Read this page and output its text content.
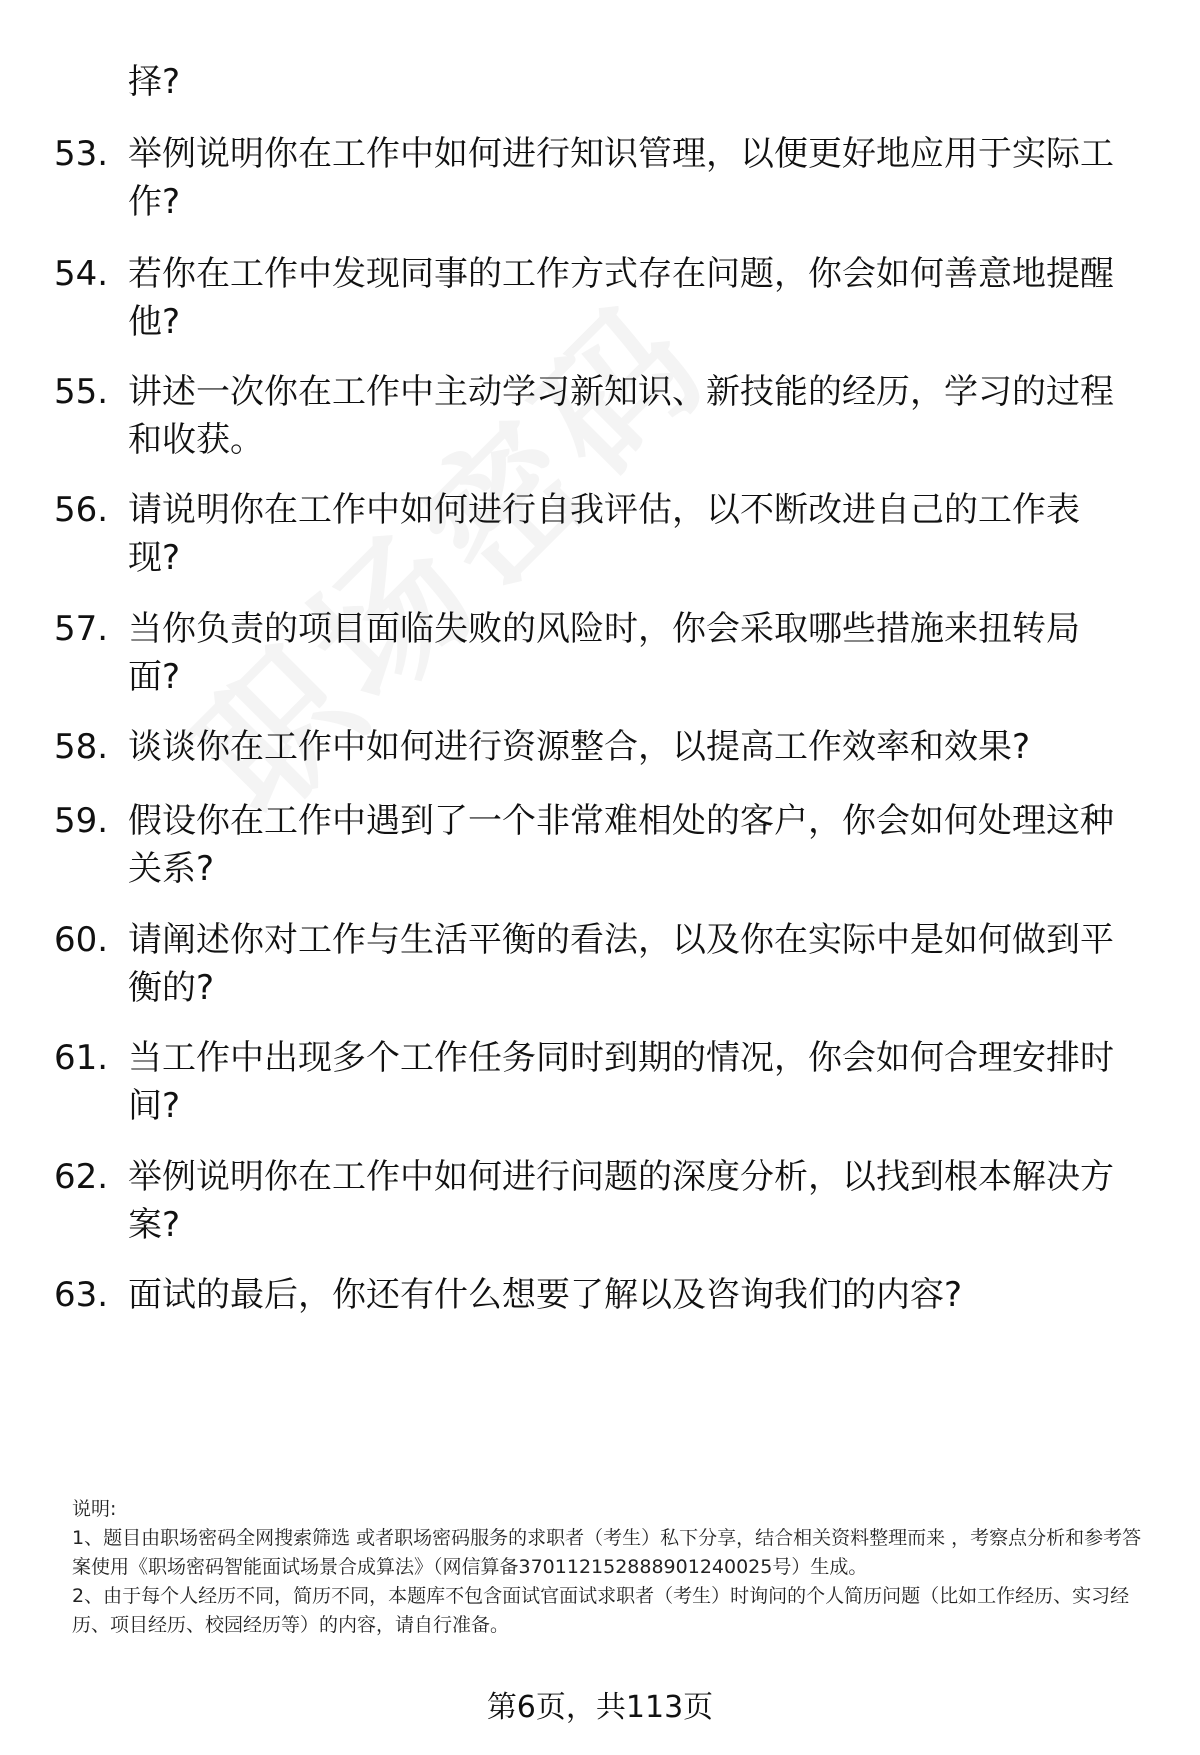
择?
53. 举例说明你在工作中如何进行知识管理，以便更好地应用于实际工作?
54. 若你在工作中发现同事的工作方式存在问题，你会如何善意地提醒他?
55. 讲述一次你在工作中主动学习新知识、新技能的经历，学习的过程和收获。
56. 请说明你在工作中如何进行自我评估，以不断改进自己的工作表现?
57. 当你负责的项目面临失败的风险时，你会采取哪些措施来扭转局面?
58. 谈谈你在工作中如何进行资源整合，以提高工作效率和效果?
59. 假设你在工作中遇到了一个非常难相处的客户，你会如何处理这种关系?
60. 请阐述你对工作与生活平衡的看法，以及你在实际中是如何做到平衡的?
61. 当工作中出现多个工作任务同时到期的情况，你会如何合理安排时间?
62. 举例说明你在工作中如何进行问题的深度分析，以找到根本解决方案?
63. 面试的最后，你还有什么想要了解以及咨询我们的内容?

说明:

1、题目由职场密码全网搜索筛选 或者职场密码服务的求职者（考生）私下分享，结合相关资料整理而来 ，考察点分析和参考答案使用《职场密码智能面试场景合成算法》（网信算备370112152888901240025号）生成。

2、由于每个人经历不同，简历不同，本题库不包含面试官面试求职者（考生）时询问的个人简历问题（比如工作经历、实习经历、项目经历、校园经历等）的内容，请自行准备。

第6页，共113页
